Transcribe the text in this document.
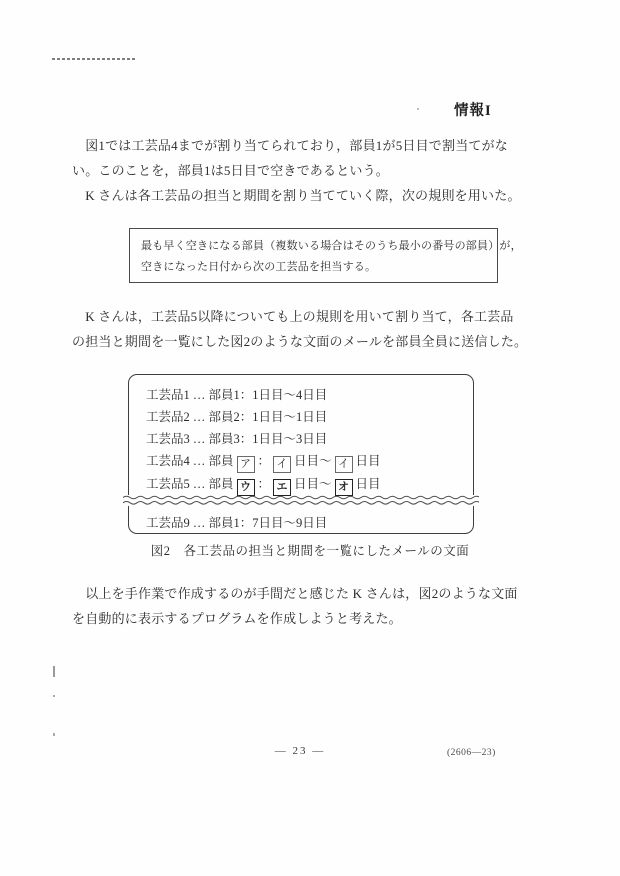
情報I
　図1では工芸品4までが割り当てられており，部員1が5日目で割当てがな
い。このことを，部員1は5日目で空きであるという。
　K さんは各工芸品の担当と期間を割り当てていく際，次の規則を用いた。
最も早く空きになる部員（複数いる場合はそのうち最小の番号の部員）が，
空きになった日付から次の工芸品を担当する。
　K さんは，工芸品5以降についても上の規則を用いて割り当て，各工芸品
の担当と期間を一覧にした図2のような文面のメールを部員全員に送信した。
工芸品1 … 部員1：1日目～4日目
工芸品2 … 部員2：1日目～1日目
工芸品3 … 部員3：1日目～3日目
工芸品4 … 部員 ア ： イ 日目～ イ 日目
工芸品5 … 部員 ウ ： エ 日目～ オ 日目
工芸品9 … 部員1：7日目～9日目
図2　各工芸品の担当と期間を一覧にしたメールの文面
　以上を手作業で作成するのが手間だと感じた K さんは，図2のような文面
を自動的に表示するプログラムを作成しようと考えた。
— 23 —	(2606—23)
